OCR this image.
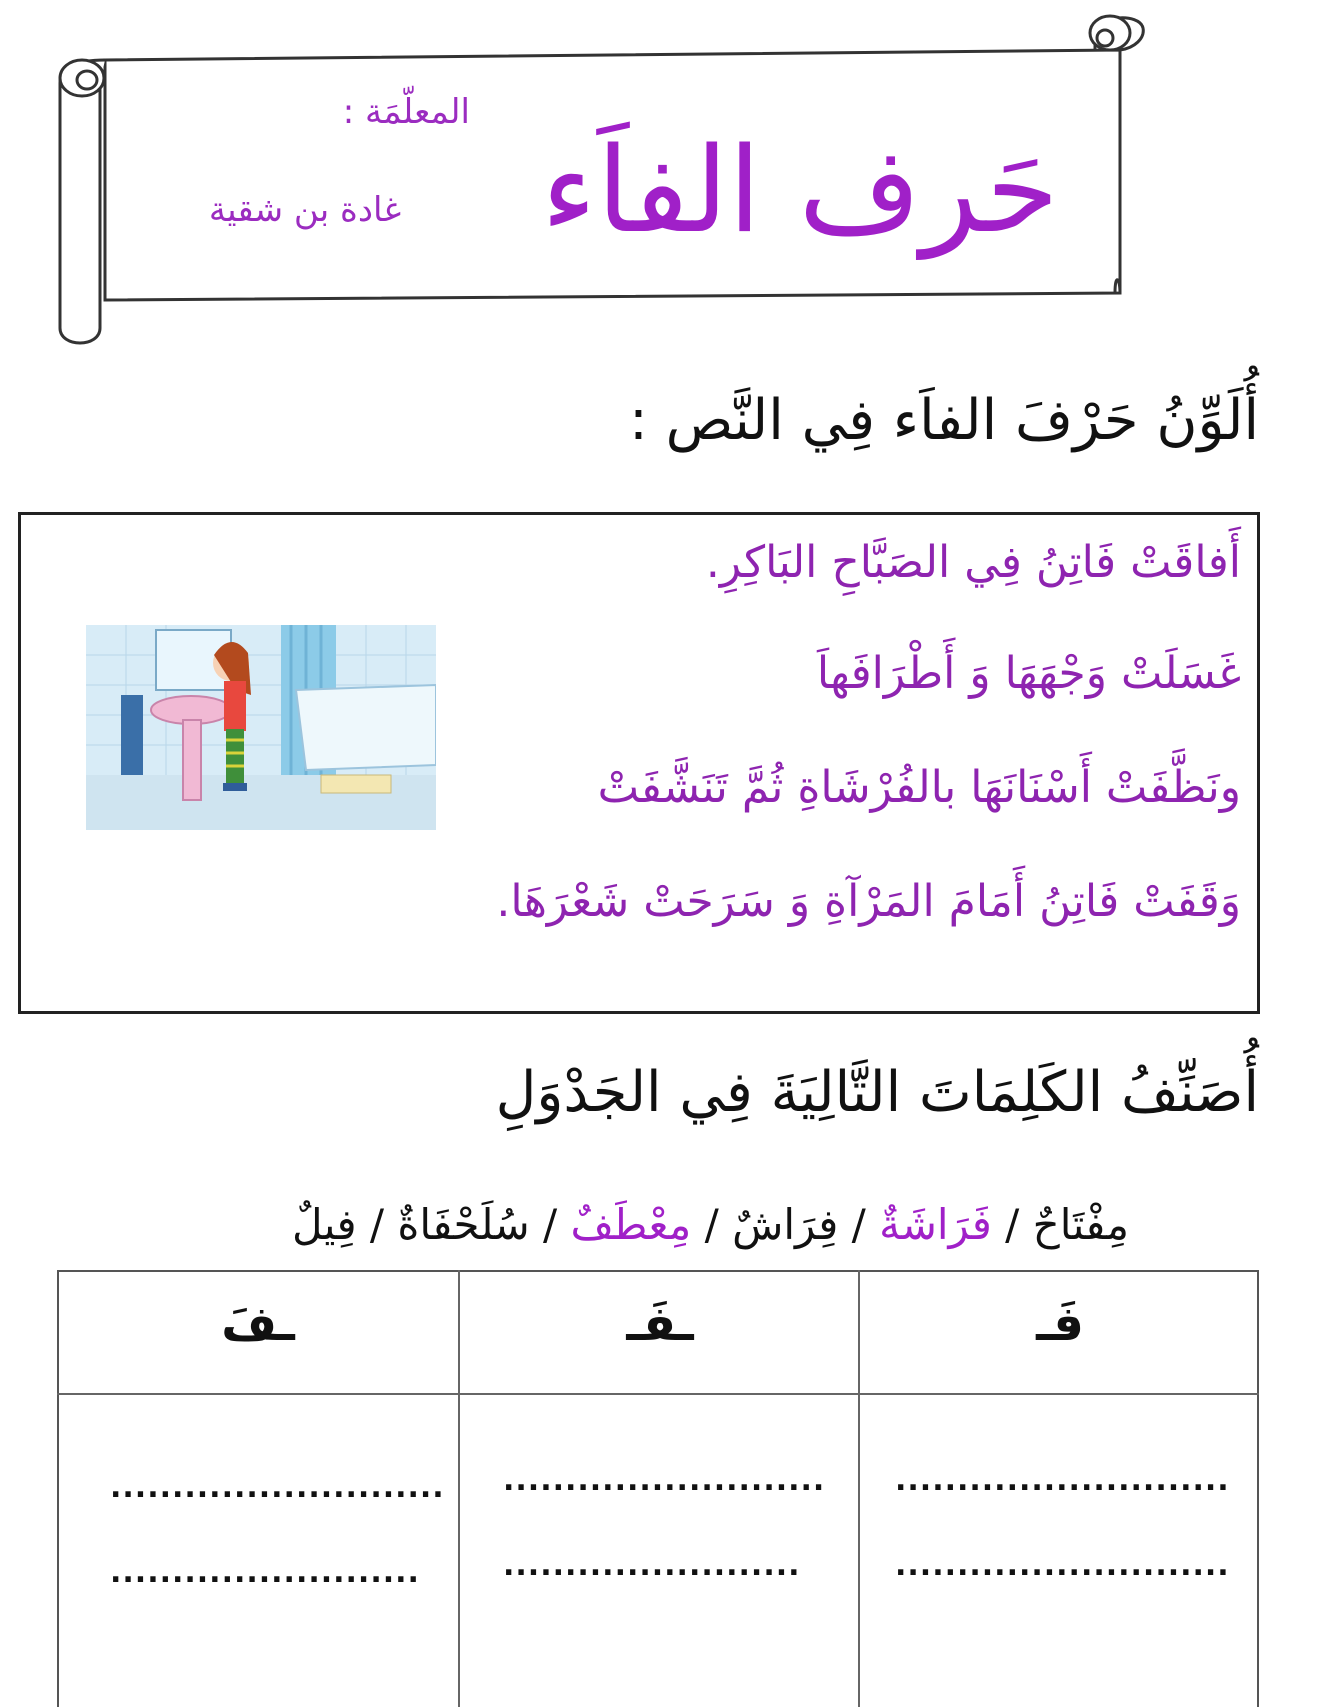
حَرف الفاَء
المعلّمَة :
غادة بن شقية
أُلَوِّنُ حَرْفَ الفاَء فِي النَّص :
أَفاقَتْ فَاتِنُ فِي الصَبَّاحِ البَاكِرِ.
غَسَلَتْ وَجْهَهَا وَ أَطْرَافَهاَ
ونَظَّفَتْ أَسْنَانَهَا بالفُرْشَاةِ ثُمَّ تَنَشَّفَتْ
وَقَفَتْ فَاتِنُ أَمَامَ المَرْآةِ وَ سَرَحَتْ شَعْرَهَا.
أُصَنِّفُ الكَلِمَاتَ التَّالِيَةَ فِي الجَدْوَلِ
مِفْتَاحٌ / فَرَاشَةٌ / فِرَاشٌ / مِعْطَفٌ / سُلَحْفَاةٌ / فِيلٌ
فَـ
ـفَـ
ـفَ
...........................
.........................
..........................
........................
...........................
...........................
